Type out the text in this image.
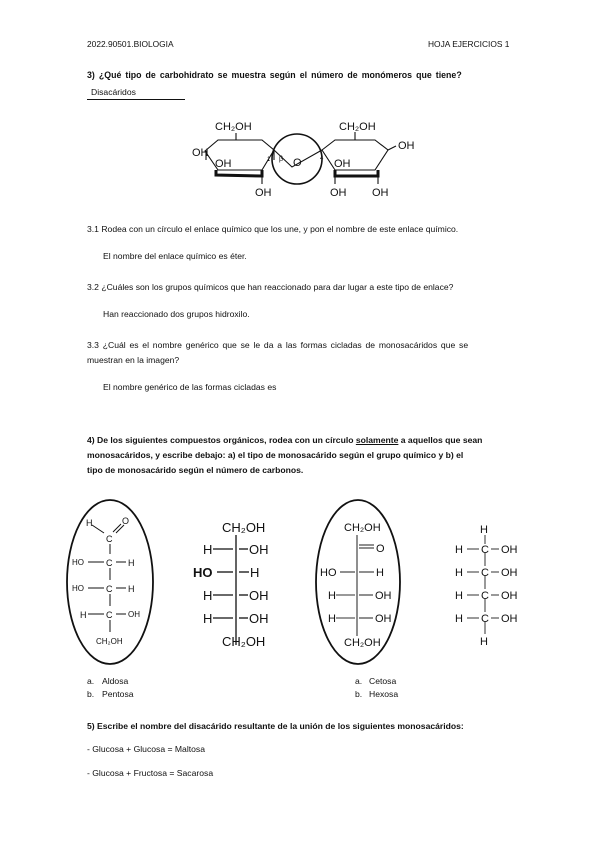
2022.90501.BIOLOGIA	HOJA EJERCICIOS 1
3) ¿Qué tipo de carbohidrato se muestra según el número de monómeros que tiene?
Disacáridos
CH₂OH	CH₂OH
OH
OH
OH
OH
OH OH
OH
O
1 β	4
3.1 Rodea con un círculo el enlace químico que los une, y pon el nombre de este enlace químico.
El nombre del enlace químico es éter.
3.2 ¿Cuáles son los grupos químicos que han reaccionado para dar lugar a este tipo de enlace?
Han reaccionado dos grupos hidroxilo.
3.3 ¿Cuál es el nombre genérico que se le da a las formas cicladas de monosacáridos que se
muestran en la imagen?
El nombre genérico de las formas cicladas es
4) De los siguientes compuestos orgánicos, rodea con un círculo solamente a aquellos que sean
monosacáridos, y escribe debajo: a) el tipo de monosacárido según el grupo químico y b) el
tipo de monosacárido según el número de carbonos.
H
C
O
HO C H
HO C H
H C OH
CH₂OH
CH₂OH
H	OH
HO	H
H	OH
H	OH
CH₂OH
CH₂OH
O
HO	H
H	OH
H	OH
CH₂OH
H
H C OH
H C OH
H C OH
H C OH
H
a. Aldosa
b. Pentosa
a. Cetosa
b. Hexosa
5) Escribe el nombre del disacárido resultante de la unión de los siguientes monosacáridos:
- Glucosa + Glucosa = Maltosa
- Glucosa + Fructosa = Sacarosa
